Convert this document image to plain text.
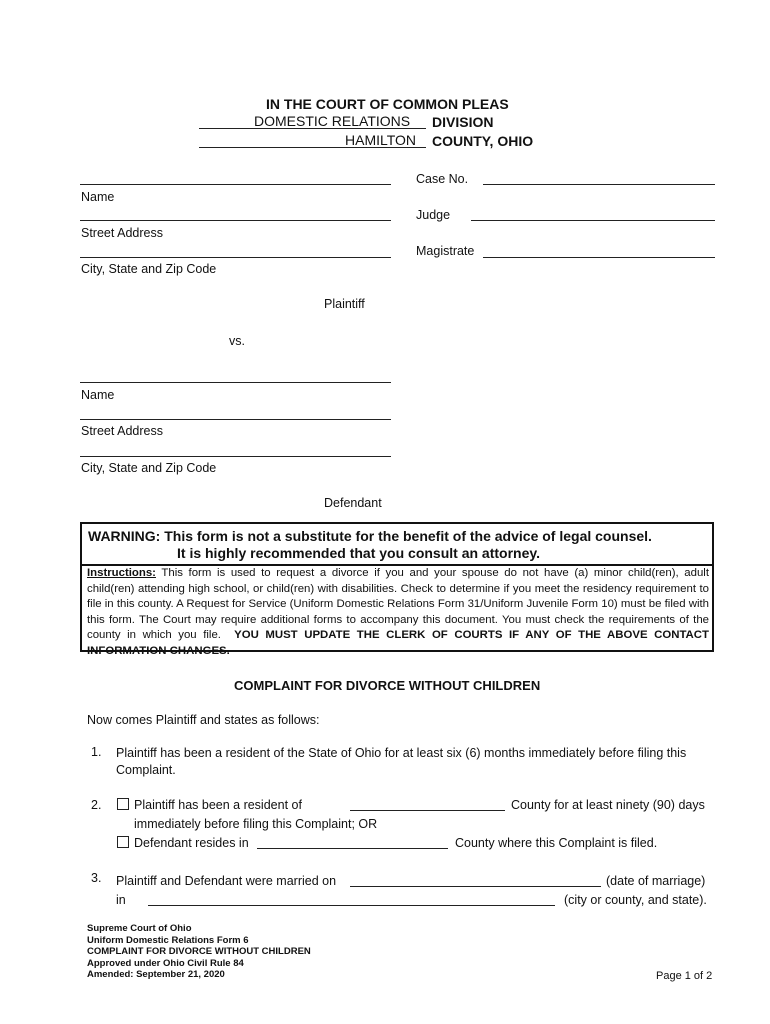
IN THE COURT OF COMMON PLEAS
DOMESTIC RELATIONS DIVISION
HAMILTON COUNTY, OHIO
Case No.
Judge
Magistrate
Name
Street Address
City, State and Zip Code
Plaintiff
vs.
Name
Street Address
City, State and Zip Code
Defendant
WARNING: This form is not a substitute for the benefit of the advice of legal counsel.
It is highly recommended that you consult an attorney.
Instructions: This form is used to request a divorce if you and your spouse do not have (a) minor child(ren), adult child(ren) attending high school, or child(ren) with disabilities. Check to determine if you meet the residency requirement to file in this county. A Request for Service (Uniform Domestic Relations Form 31/Uniform Juvenile Form 10) must be filed with this form. The Court may require additional forms to accompany this document. You must check the requirements of the county in which you file. YOU MUST UPDATE THE CLERK OF COURTS IF ANY OF THE ABOVE CONTACT INFORMATION CHANGES.
COMPLAINT FOR DIVORCE WITHOUT CHILDREN
Now comes Plaintiff and states as follows:
1. Plaintiff has been a resident of the State of Ohio for at least six (6) months immediately before filing this Complaint.
2.	Plaintiff has been a resident of	County for at least ninety (90) days
immediately before filing this Complaint; OR
Defendant resides in	County where this Complaint is filed.
3. Plaintiff and Defendant were married on	(date of marriage)
in	(city or county, and state).
Supreme Court of Ohio
Uniform Domestic Relations Form 6
COMPLAINT FOR DIVORCE WITHOUT CHILDREN
Approved under Ohio Civil Rule 84
Amended: September 21, 2020	Page 1 of 2
